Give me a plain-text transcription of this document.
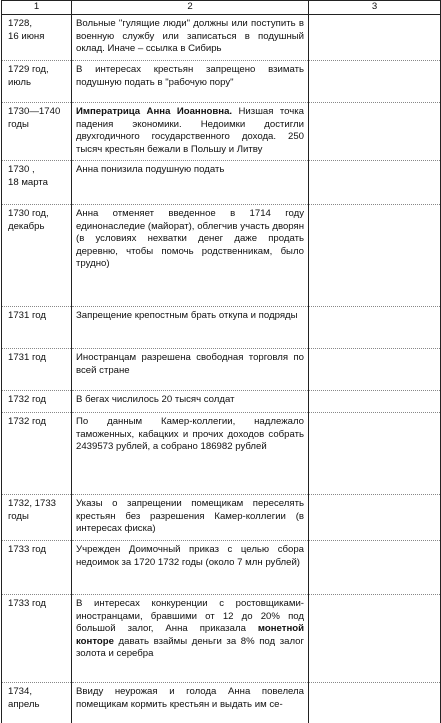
1	2	3
1728,
16 июня	Вольные "гулящие люди" должны или поступить в военную службу или записаться в подушный оклад. Иначе – ссылка в Сибирь	
1729 год,
июль	В интересах крестьян запрещено взимать подушную подать в "рабочую пору"	
1730—1740
годы	Императрица Анна Иоанновна. Низшая точка падения экономики. Недоимки достигли двухгодичного государственного дохода. 250 тысяч крестьян бежали в Польшу и Литву	
1730 ,
18 марта	Анна понизила подушную подать	
1730 год,
декабрь	Анна отменяет введенное в 1714 году единонаследие (майорат), облегчив участь дворян (в условиях нехватки денег даже продать деревню, чтобы помочь родственникам, было трудно)	
1731 год	Запрещение крепостным брать откупа и подряды	
1731 год	Иностранцам разрешена свободная торговля по всей стране	
1732 год	В бегах числилось 20 тысяч солдат	
1732 год	По данным Камер-коллегии, надлежало таможенных, кабацких и прочих доходов собрать 2439573 рублей, а собрано 186982 рублей	
1732, 1733
годы	Указы о запрещении помещикам переселять крестьян без разрешения Камер-коллегии (в интересах фиска)	
1733 год	Учрежден Доимочный приказ с целью сбора недоимок за 1720 1732 годы (около 7 млн рублей)	
1733 год	В интересах конкуренции с ростовщиками-иностранцами, бравшими от 12 до 20% под большой залог, Анна приказала монетной конторе давать взаймы деньги за 8% под залог золота и серебра	
1734,
апрель	Ввиду неурожая и голода Анна повелела помещикам кормить крестьян и выдать им се-	
